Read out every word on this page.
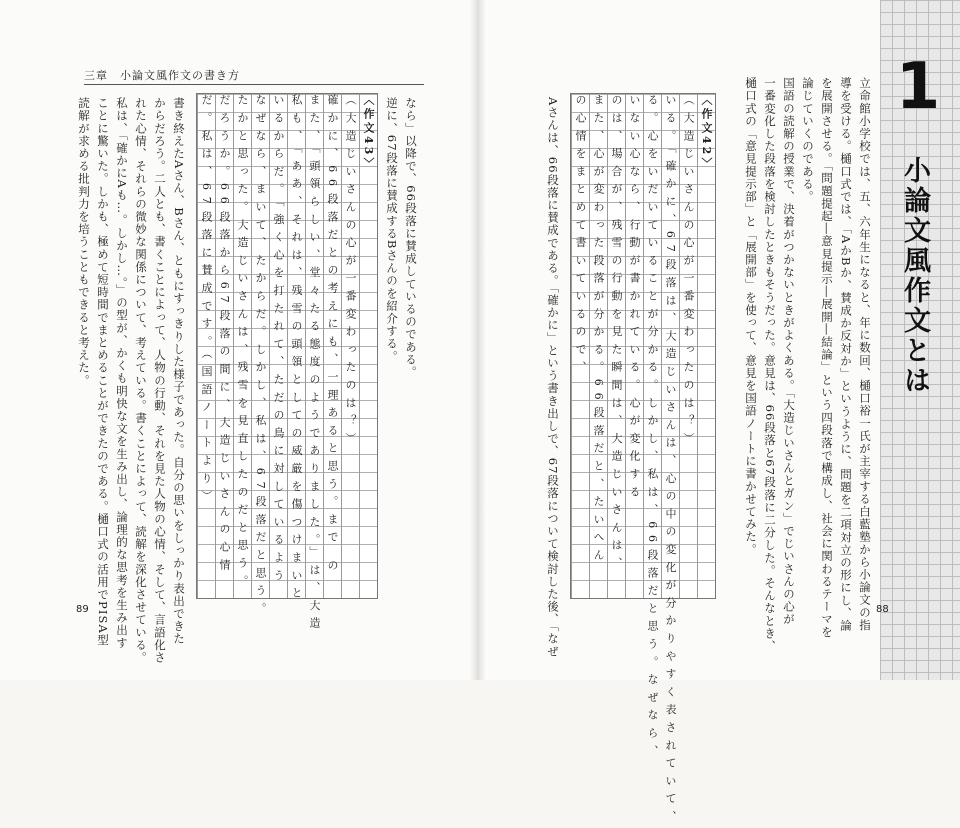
三章　小論文風作文の書き方	1
小論文風作文とは
立命館小学校では、五、六年生になると、年に数回、樋口裕一氏が主宰する白藍塾から小論文の指
導を受ける。樋口式では、「AかBか、賛成か反対か」というように、問題を二項対立の形にし、論
を展開させる。「問題提起―意見提示―展開―結論」という四段落で構成し、社会に関わるテーマを
論じていくのである。
国語の読解の授業で、決着がつかないときがよくある。「大造じいさんとガン」でじいさんの心が
一番変化した段落を検討したときもそうだった。意見は、66段落と67段落に二分した。そんなとき、
樋口式の「意見提示部」と「展開部」を使って、意見を国語ノートに書かせてみた。
〈作文42〉
（大造じいさんの心が一番変わったのは？）
いる。「確かに、67段落は、大造じいさんは、心の中の変化が分かりやすく表されていて、
る。心をいだいていることが分かる。しかし、私は、66段落だと思う。なぜなら、
いない心なら、行動が書かれている。心が変化する
のは、場合が、残雪の行動を見た瞬間は、大造じいさんは、
また、心が変わった段落が分かる。66段落だと、たいへん
の心情をまとめて書いているので、
Aさんは、66段落に賛成である。「確かに」という書き出しで、67段落について検討した後、「なぜ	88
なら」以降で、66段落に賛成しているのである。
逆に、67段落に賛成するBさんのを紹介する。
〈作文43〉
（大造じいさんの心が一番変わったのは？）
確かに、66段落だとの考えにも、一理あると思う。まで の
また、「頭領らしい、堂々たる態度のようでありました。」は、大造
私も、「ああ、それは、残雪の頭領としての威厳を傷つけまいと
いるからだ。「強く心を打たれて、ただの鳥に対しているよう
なぜなら、まいて、たからだ。しかし、私は、67段落だと思う。
たかと思った。大造じいさんは、残雪を見直したのだと思う。
だろうか。66段落から67段落の間に、大造じいさんの心情
だ。私は、67段落に賛成です。（国語ノートより）
書き終えたAさん、Bさん、ともにすっきりした様子であった。自分の思いをしっかり表出できた
からだろう。二人とも、書くことによって、人物の行動、それを見た人物の心情、そして、言語化さ
れた心情、それらの微妙な関係について、考えている。書くことによって、読解を深化させている。
私は、「確かにAも…。しかし…。」の型が、かくも明快な文を生み出し、論理的な思考を生み出す
ことに驚いた。しかも、極めて短時間でまとめることができたのである。樋口式の活用でPISA型
読解が求める批判力を培うこともできると考えた。
89
